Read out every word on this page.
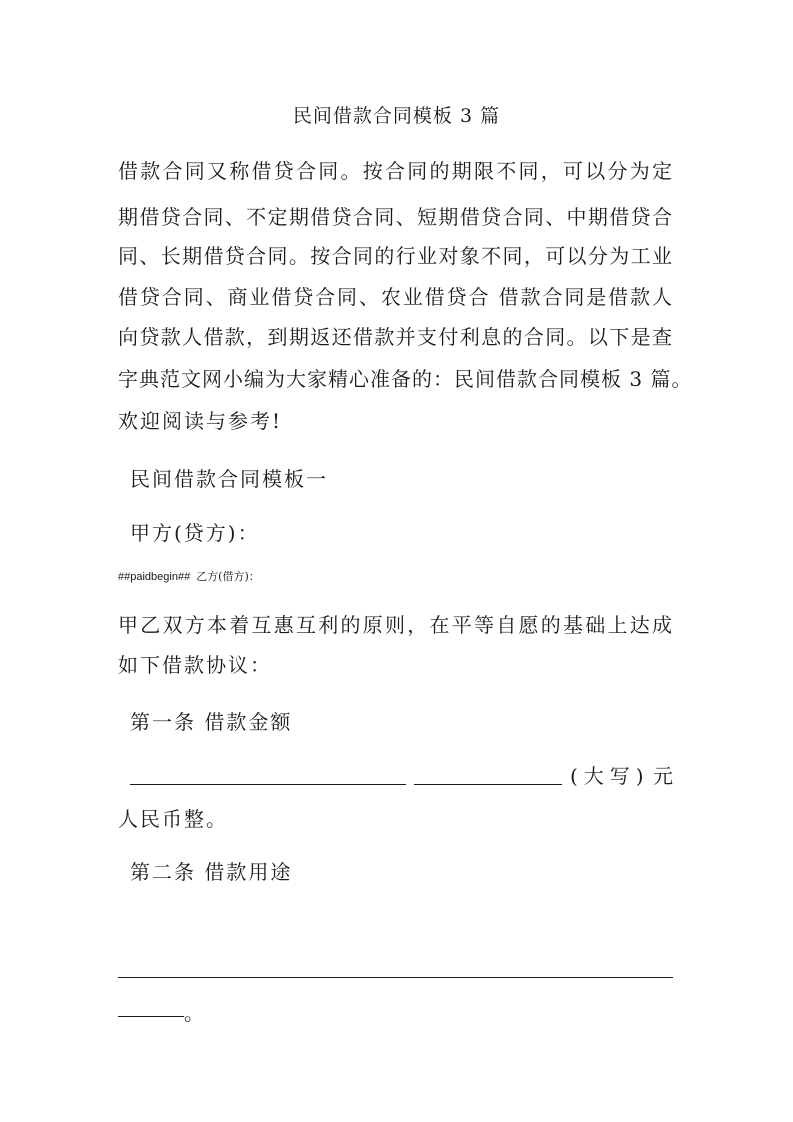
民间借款合同模板 3 篇
借款合同又称借贷合同。按合同的期限不同，可以分为定
期借贷合同、不定期借贷合同、短期借贷合同、中期借贷合
同、长期借贷合同。按合同的行业对象不同，可以分为工业
借贷合同、商业借贷合同、农业借贷合 借款合同是借款人
向贷款人借款，到期返还借款并支付利息的合同。以下是查
字典范文网小编为大家精心准备的：民间借款合同模板 3 篇。
欢迎阅读与参考!
民间借款合同模板一
甲方(贷方)：
##paidbegin## 乙方(借方)：
甲乙双方本着互惠互利的原则，在平等自愿的基础上达成
如下借款协议：
第一条 借款金额
(大写) 元
人民币整。
第二条 借款用途
。
